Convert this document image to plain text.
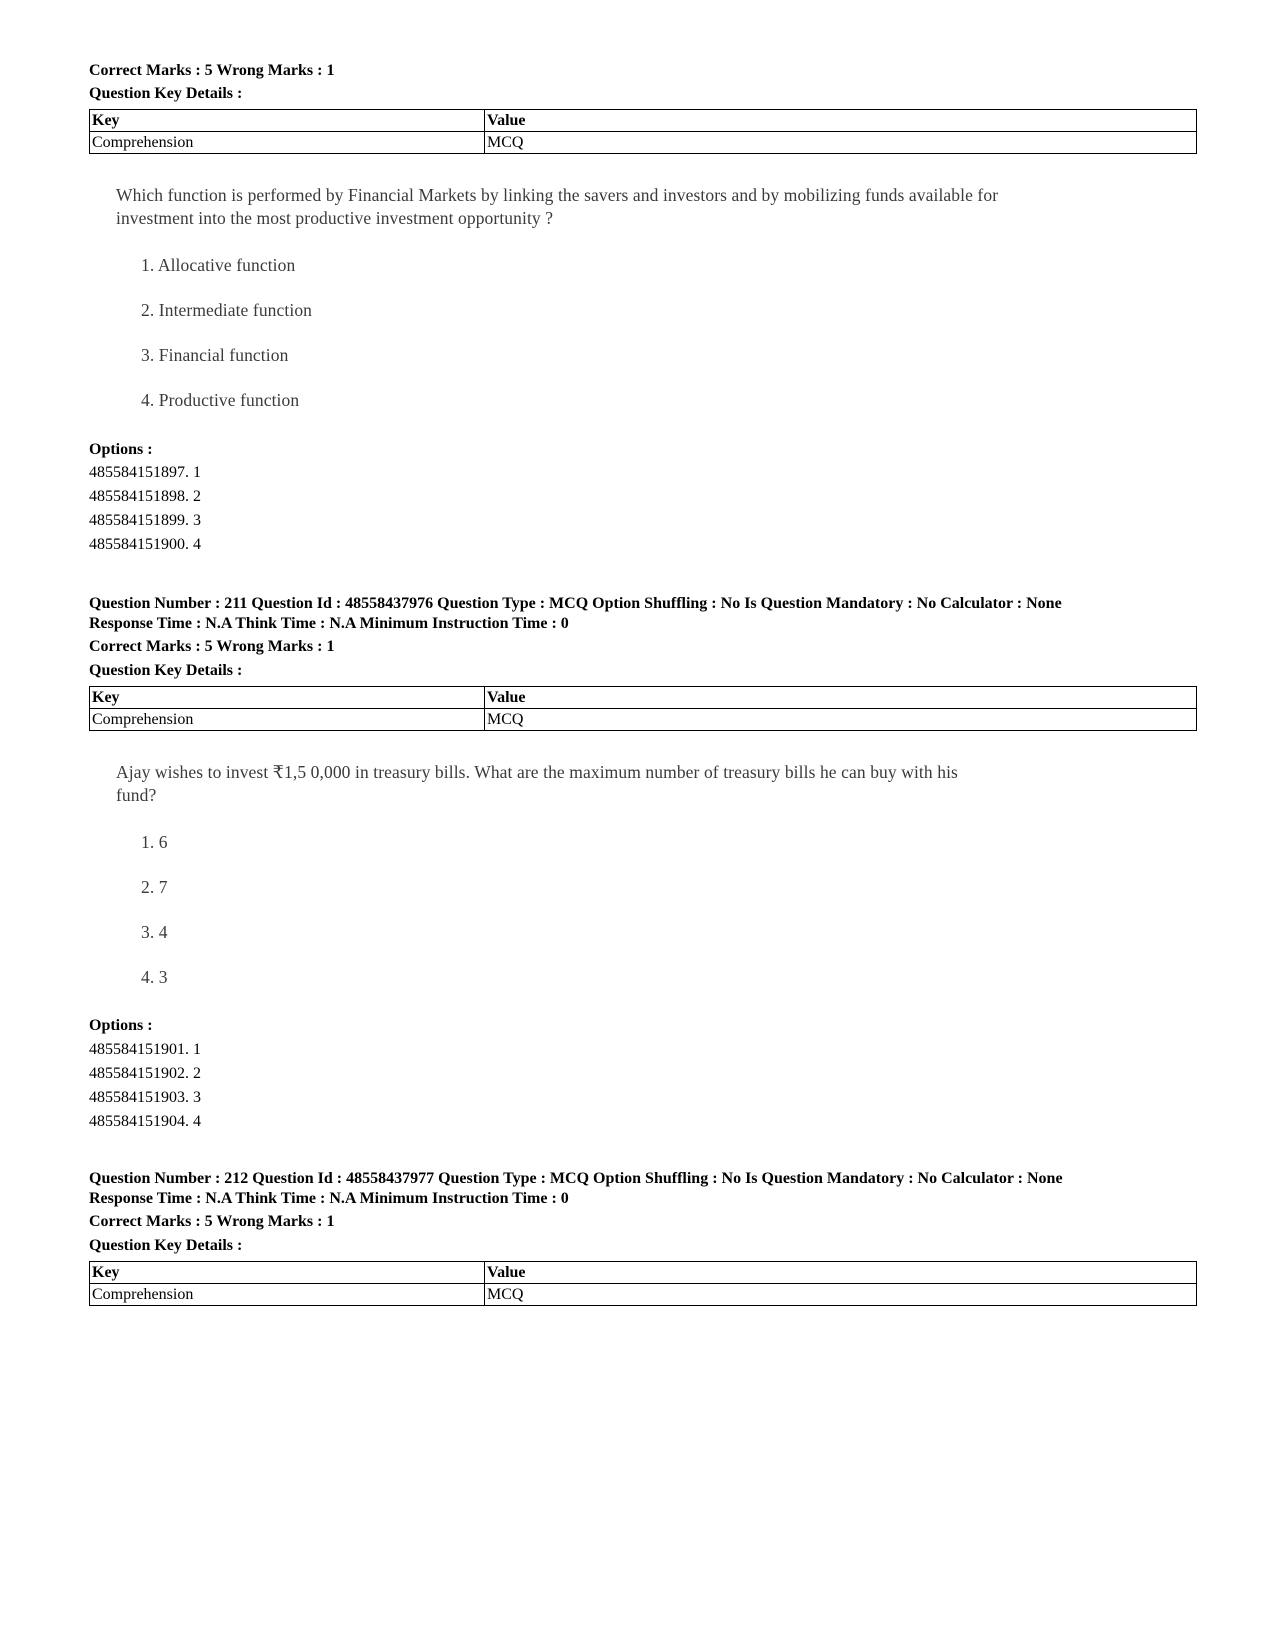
Correct Marks : 5 Wrong Marks : 1
Question Key Details :
Key	Value
Comprehension	MCQ
Which function is performed by Financial Markets by linking the savers and investors and by mobilizing funds available for investment into the most productive investment opportunity ?
1. Allocative function
2. Intermediate function
3. Financial function
4. Productive function
Options :
485584151897. 1
485584151898. 2
485584151899. 3
485584151900. 4
Question Number : 211 Question Id : 48558437976 Question Type : MCQ Option Shuffling : No Is Question Mandatory : No Calculator : None
Response Time : N.A Think Time : N.A Minimum Instruction Time : 0
Correct Marks : 5 Wrong Marks : 1
Question Key Details :
Key	Value
Comprehension	MCQ
Ajay wishes to invest ₹1,5 0,000 in treasury bills. What are the maximum number of treasury bills he can buy with his fund?
1. 6
2. 7
3. 4
4. 3
Options :
485584151901. 1
485584151902. 2
485584151903. 3
485584151904. 4
Question Number : 212 Question Id : 48558437977 Question Type : MCQ Option Shuffling : No Is Question Mandatory : No Calculator : None
Response Time : N.A Think Time : N.A Minimum Instruction Time : 0
Correct Marks : 5 Wrong Marks : 1
Question Key Details :
Key	Value
Comprehension	MCQ
